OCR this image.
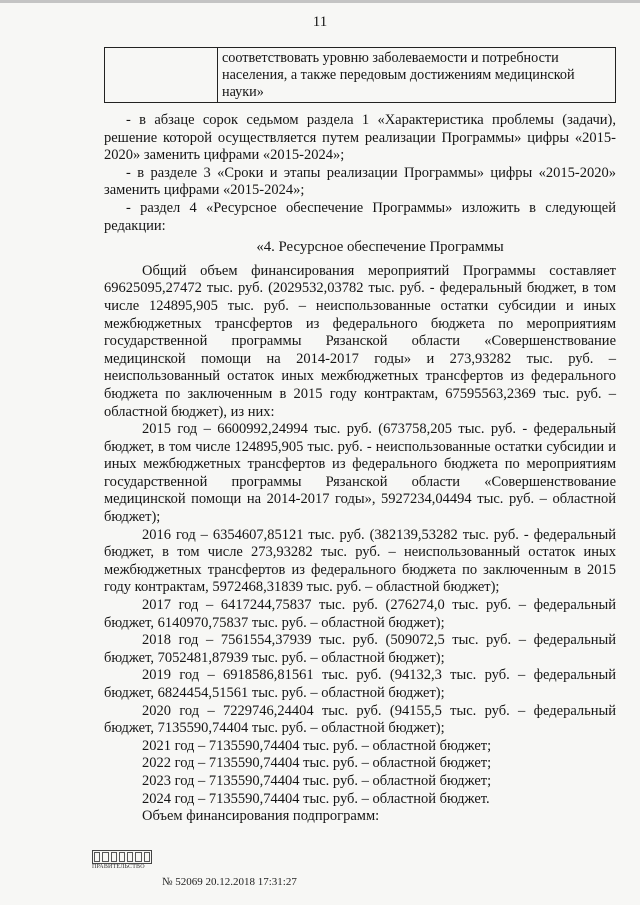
11
	соответствовать уровню заболеваемости и потребности населения, а также передовым достижениям медицинской науки»

- в абзаце сорок седьмом раздела 1 «Характеристика проблемы (задачи), решение которой осуществляется путем реализации Программы» цифры «2015-2020» заменить цифрами «2015-2024»;

- в разделе 3 «Сроки и этапы реализации Программы» цифры «2015-2020» заменить цифрами «2015-2024»;

- раздел 4 «Ресурсное обеспечение Программы» изложить в следующей редакции:

«4. Ресурсное обеспечение Программы

Общий объем финансирования мероприятий Программы составляет 69625095,27472 тыс. руб. (2029532,03782 тыс. руб. - федеральный бюджет, в том числе 124895,905 тыс. руб. – неиспользованные остатки субсидии и иных межбюджетных трансфертов из федерального бюджета по мероприятиям государственной программы Рязанской области «Совершенствование медицинской помощи на 2014-2017 годы» и 273,93282 тыс. руб. – неиспользованный остаток иных межбюджетных трансфертов из федерального бюджета по заключенным в 2015 году контрактам, 67595563,2369 тыс. руб. – областной бюджет), из них:

2015 год – 6600992,24994 тыс. руб. (673758,205 тыс. руб. - федеральный бюджет, в том числе 124895,905 тыс. руб. - неиспользованные остатки субсидии и иных межбюджетных трансфертов из федерального бюджета по мероприятиям государственной программы Рязанской области «Совершенствование медицинской помощи на 2014-2017 годы», 5927234,04494 тыс. руб. – областной бюджет);

2016 год – 6354607,85121 тыс. руб. (382139,53282 тыс. руб. - федеральный бюджет, в том числе 273,93282 тыс. руб. – неиспользованный остаток иных межбюджетных трансфертов из федерального бюджета по заключенным в 2015 году контрактам, 5972468,31839 тыс. руб. – областной бюджет);

2017 год – 6417244,75837 тыс. руб. (276274,0 тыс. руб. – федеральный бюджет, 6140970,75837 тыс. руб. – областной бюджет);

2018 год – 7561554,37939 тыс. руб. (509072,5 тыс. руб. – федеральный бюджет, 7052481,87939 тыс. руб. – областной бюджет);

2019 год – 6918586,81561 тыс. руб. (94132,3 тыс. руб. – федеральный бюджет, 6824454,51561 тыс. руб. – областной бюджет);

2020 год – 7229746,24404 тыс. руб. (94155,5 тыс. руб. – федеральный бюджет, 7135590,74404 тыс. руб. – областной бюджет);

2021 год – 7135590,74404 тыс. руб. – областной бюджет;

2022 год – 7135590,74404 тыс. руб. – областной бюджет;

2023 год – 7135590,74404 тыс. руб. – областной бюджет;

2024 год – 7135590,74404 тыс. руб. – областной бюджет.

Объем финансирования подпрограмм:

ПРАВИТЕЛЬСТВО
№ 52069 20.12.2018 17:31:27
